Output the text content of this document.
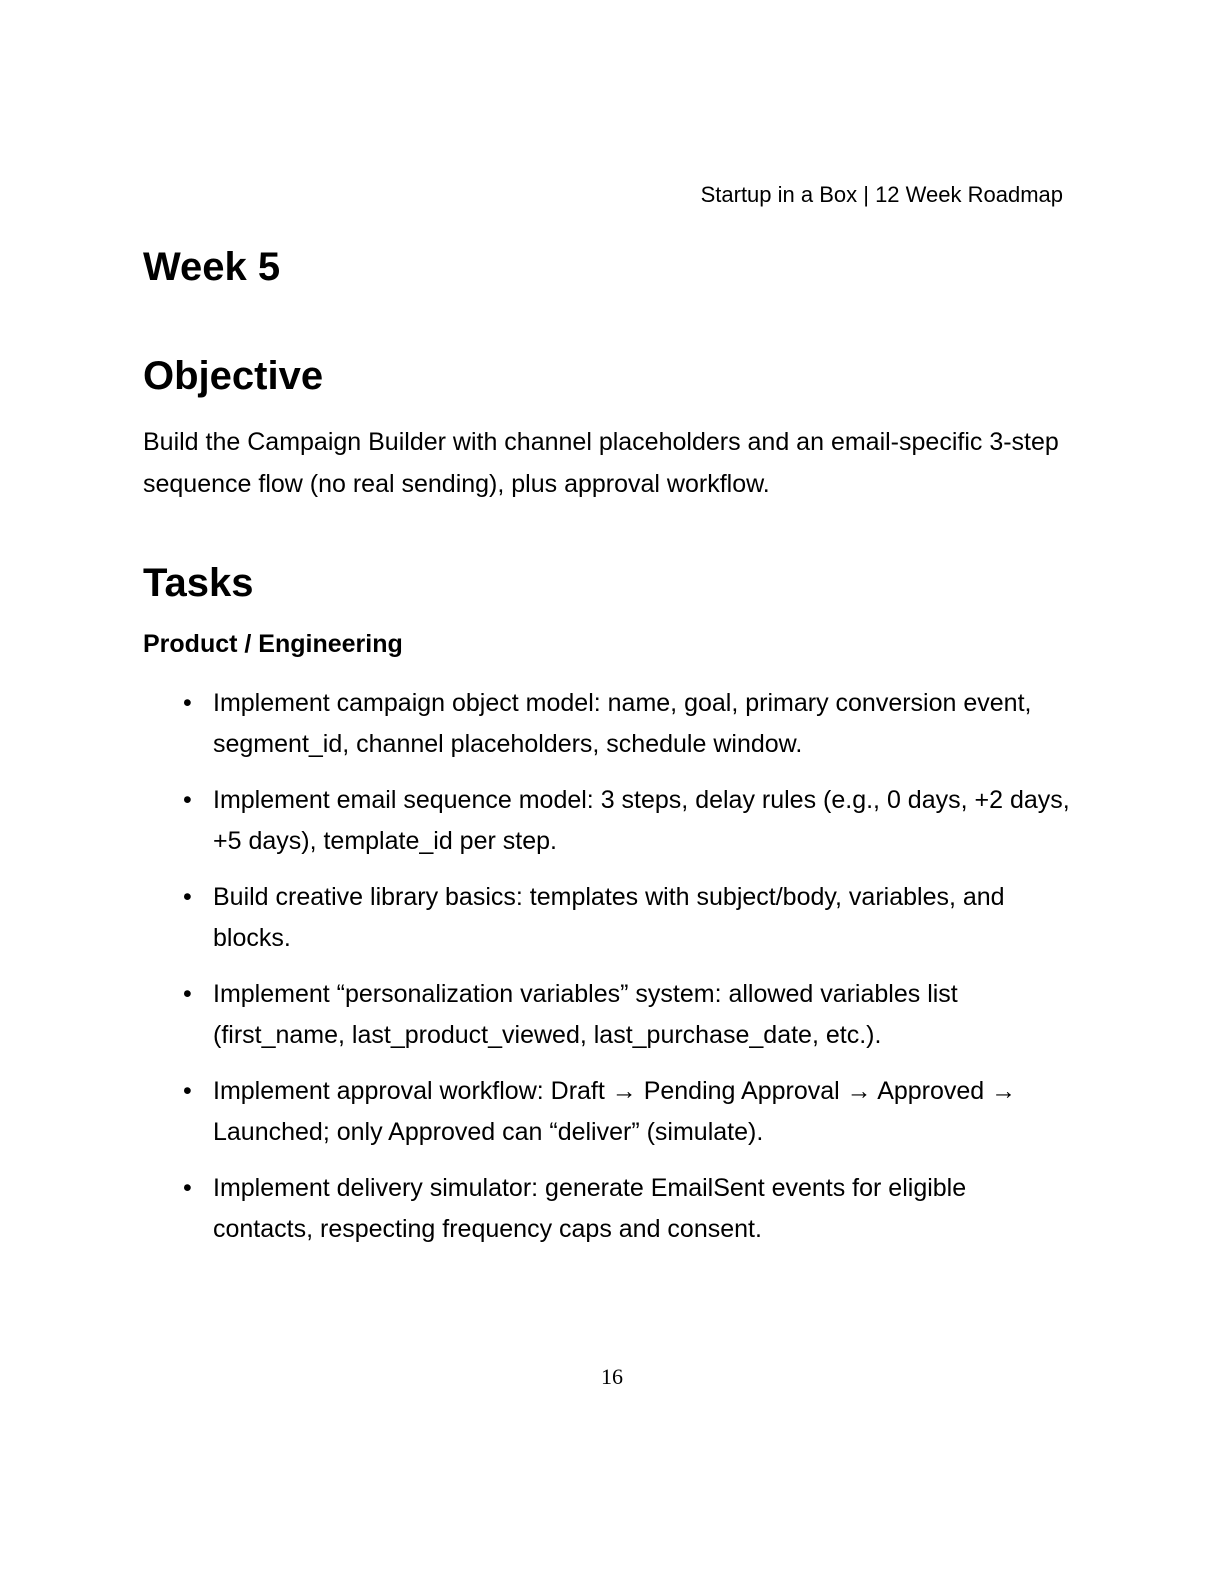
Startup in a Box | 12 Week Roadmap
Week 5
Objective

Build the Campaign Builder with channel placeholders and an email-specific 3-step sequence flow (no real sending), plus approval workflow.

Tasks
Product / Engineering
• Implement campaign object model: name, goal, primary conversion event, segment_id, channel placeholders, schedule window.
• Implement email sequence model: 3 steps, delay rules (e.g., 0 days, +2 days, +5 days), template_id per step.
• Build creative library basics: templates with subject/body, variables, and blocks.
• Implement “personalization variables” system: allowed variables list (first_name, last_product_viewed, last_purchase_date, etc.).
• Implement approval workflow: Draft → Pending Approval → Approved → Launched; only Approved can “deliver” (simulate).
• Implement delivery simulator: generate EmailSent events for eligible contacts, respecting frequency caps and consent.
16
